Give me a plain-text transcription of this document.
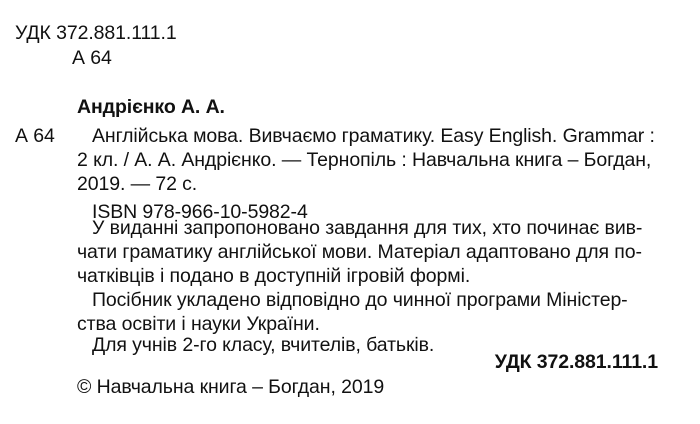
УДК 372.881.111.1
А 64
Андрієнко А. А.
А 64 Англійська мова. Вивчаємо граматику. Easy English. Grammar :
2 кл. / А. А. Андрієнко. — Тернопіль : Навчальна книга – Богдан,
2019. — 72 с.
ISBN 978-966-10-5982-4
У виданні запропоновано завдання для тих, хто починає вив-
чати граматику англійської мови. Матеріал адаптовано для по-
чатківців і подано в доступній ігровій формі.
Посібник укладено відповідно до чинної програми Міністер-
ства освіти і науки України.
Для учнів 2-го класу, вчителів, батьків.
УДК 372.881.111.1
© Навчальна книга – Богдан, 2019
